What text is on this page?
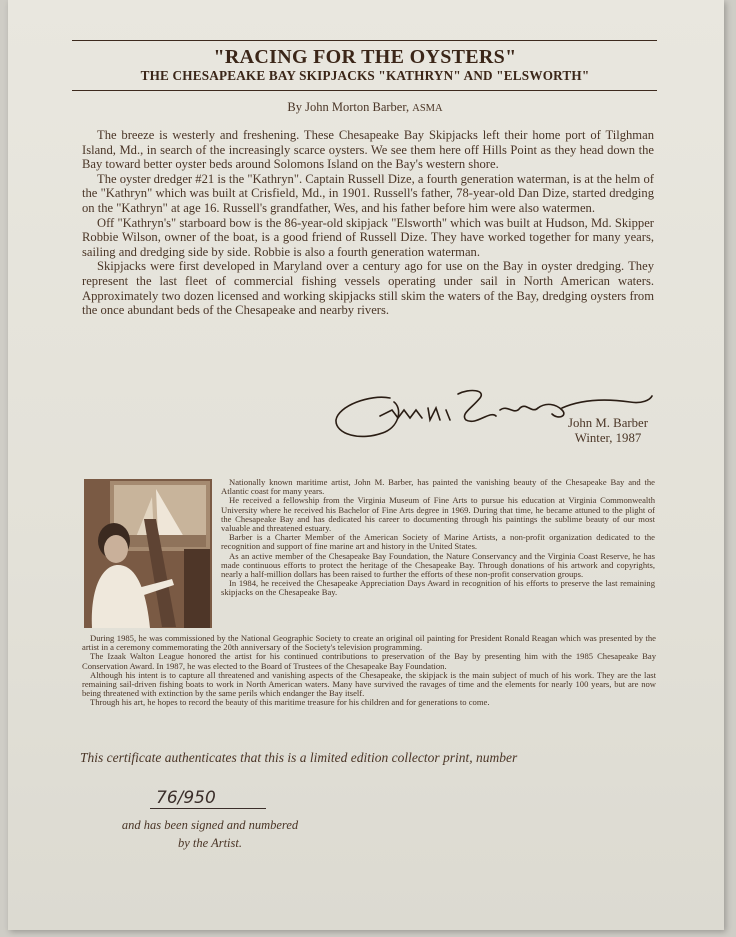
"RACING FOR THE OYSTERS"
THE CHESAPEAKE BAY SKIPJACKS "KATHRYN" AND "ELSWORTH"
By John Morton Barber, ASMA

The breeze is westerly and freshening. These Chesapeake Bay Skipjacks left their home port of Tilghman Island, Md., in search of the increasingly scarce oysters. We see them here off Hills Point as they head down the Bay toward better oyster beds around Solomons Island on the Bay's western shore.

The oyster dredger #21 is the "Kathryn". Captain Russell Dize, a fourth generation waterman, is at the helm of the "Kathryn" which was built at Crisfield, Md., in 1901. Russell's father, 78-year-old Dan Dize, started dredging on the "Kathryn" at age 16. Russell's grandfather, Wes, and his father before him were also watermen.

Off "Kathryn's" starboard bow is the 86-year-old skipjack "Elsworth" which was built at Hudson, Md. Skipper Robbie Wilson, owner of the boat, is a good friend of Russell Dize. They have worked together for many years, sailing and dredging side by side. Robbie is also a fourth generation waterman.

Skipjacks were first developed in Maryland over a century ago for use on the Bay in oyster dredging. They represent the last fleet of commercial fishing vessels operating under sail in North American waters. Approximately two dozen licensed and working skipjacks still skim the waters of the Bay, dredging oysters from the once abundant beds of the Chesapeake and nearby rivers.

John M. Barber
Winter, 1987

Nationally known maritime artist, John M. Barber, has painted the vanishing beauty of the Chesapeake Bay and the Atlantic coast for many years.

He received a fellowship from the Virginia Museum of Fine Arts to pursue his education at Virginia Commonwealth University where he received his Bachelor of Fine Arts degree in 1969. During that time, he became attuned to the plight of the Chesapeake Bay and has dedicated his career to documenting through his paintings the sublime beauty of our most valuable and threatened estuary.

Barber is a Charter Member of the American Society of Marine Artists, a non-profit organization dedicated to the recognition and support of fine marine art and history in the United States.

As an active member of the Chesapeake Bay Foundation, the Nature Conservancy and the Virginia Coast Reserve, he has made continuous efforts to protect the heritage of the Chesapeake Bay. Through donations of his artwork and copyrights, nearly a half-million dollars has been raised to further the efforts of these non-profit conservation groups.

In 1984, he received the Chesapeake Appreciation Days Award in recognition of his efforts to preserve the last remaining skipjacks on the Chesapeake Bay.

During 1985, he was commissioned by the National Geographic Society to create an original oil painting for President Ronald Reagan which was presented by the artist in a ceremony commemorating the 20th anniversary of the Society's television programming.

The Izaak Walton League honored the artist for his continued contributions to preservation of the Bay by presenting him with the 1985 Chesapeake Bay Conservation Award. In 1987, he was elected to the Board of Trustees of the Chesapeake Bay Foundation.

Although his intent is to capture all threatened and vanishing aspects of the Chesapeake, the skipjack is the main subject of much of his work. They are the last remaining sail-driven fishing boats to work in North American waters. Many have survived the ravages of time and the elements for nearly 100 years, but are now being threatened with extinction by the same perils which endanger the Bay itself.

Through his art, he hopes to record the beauty of this maritime treasure for his children and for generations to come.

This certificate authenticates that this is a limited edition collector print, number
76/950
and has been signed and numbered
by the Artist.
